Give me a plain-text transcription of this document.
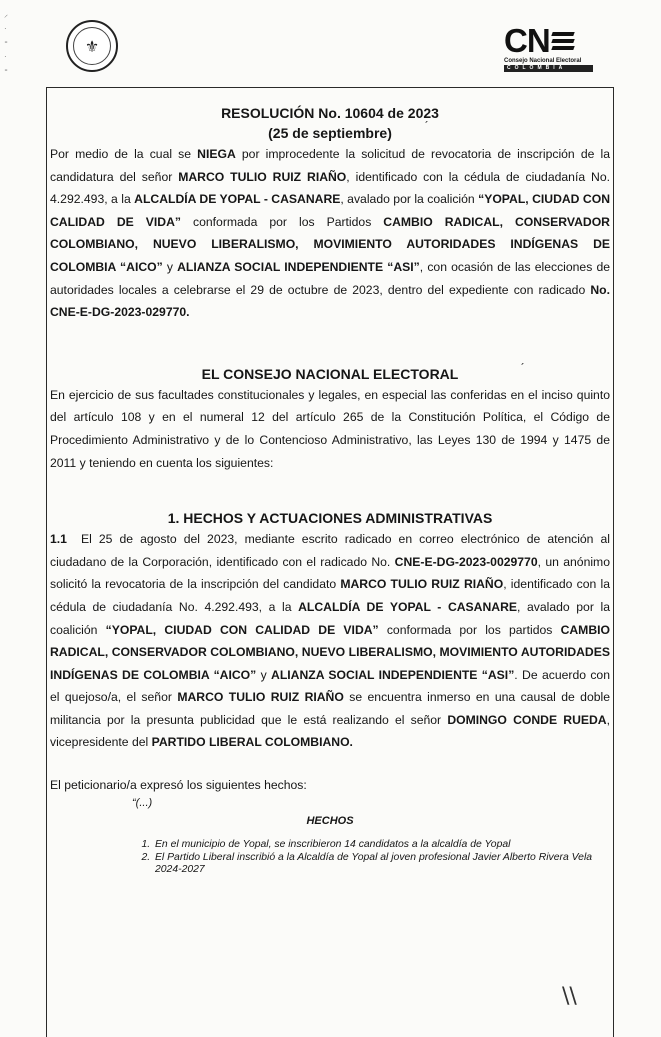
⸝
·
⁃
·
⁃
⚜	CN
Consejo Nacional Electoral
COLOMBIA
RESOLUCIÓN No. 10604 de 2023
(25 de septiembre)

Por medio de la cual se NIEGA por improcedente la solicitud de revocatoria de inscripción de la candidatura del señor MARCO TULIO RUIZ RIAÑO, identificado con la cédula de ciudadanía No. 4.292.493, a la ALCALDÍA DE YOPAL - CASANARE, avalado por la coalición “YOPAL, CIUDAD CON CALIDAD DE VIDA” conformada por los Partidos CAMBIO RADICAL, CONSERVADOR COLOMBIANO, NUEVO LIBERALISMO, MOVIMIENTO AUTORIDADES INDÍGENAS DE COLOMBIA “AICO” y ALIANZA SOCIAL INDEPENDIENTE “ASI”, con ocasión de las elecciones de autoridades locales a celebrarse el 29 de octubre de 2023, dentro del expediente con radicado No. CNE-E-DG-2023-029770.

EL CONSEJO NACIONAL ELECTORAL

En ejercicio de sus facultades constitucionales y legales, en especial las conferidas en el inciso quinto del artículo 108 y en el numeral 12 del artículo 265 de la Constitución Política, el Código de Procedimiento Administrativo y de lo Contencioso Administrativo, las Leyes 130 de 1994 y 1475 de 2011 y teniendo en cuenta los siguientes:

1. HECHOS Y ACTUACIONES ADMINISTRATIVAS

1.1 El 25 de agosto del 2023, mediante escrito radicado en correo electrónico de atención al ciudadano de la Corporación, identificado con el radicado No. CNE-E-DG-2023-0029770, un anónimo solicitó la revocatoria de la inscripción del candidato MARCO TULIO RUIZ RIAÑO, identificado con la cédula de ciudadanía No. 4.292.493, a la ALCALDÍA DE YOPAL - CASANARE, avalado por la coalición “YOPAL, CIUDAD CON CALIDAD DE VIDA” conformada por los partidos CAMBIO RADICAL, CONSERVADOR COLOMBIANO, NUEVO LIBERALISMO, MOVIMIENTO AUTORIDADES INDÍGENAS DE COLOMBIA “AICO” y ALIANZA SOCIAL INDEPENDIENTE “ASI”. De acuerdo con el quejoso/a, el señor MARCO TULIO RUIZ RIAÑO se encuentra inmerso en una causal de doble militancia por la presunta publicidad que le está realizando el señor DOMINGO CONDE RUEDA, vicepresidente del PARTIDO LIBERAL COLOMBIANO.

El peticionario/a expresó los siguientes hechos:
“(...)
HECHOS
1. En el municipio de Yopal, se inscribieron 14 candidatos a la alcaldía de Yopal
2. El Partido Liberal inscribió a la Alcaldía de Yopal al joven profesional Javier Alberto Rivera Vela 2024-2027
\\
ˊ
ˊ
